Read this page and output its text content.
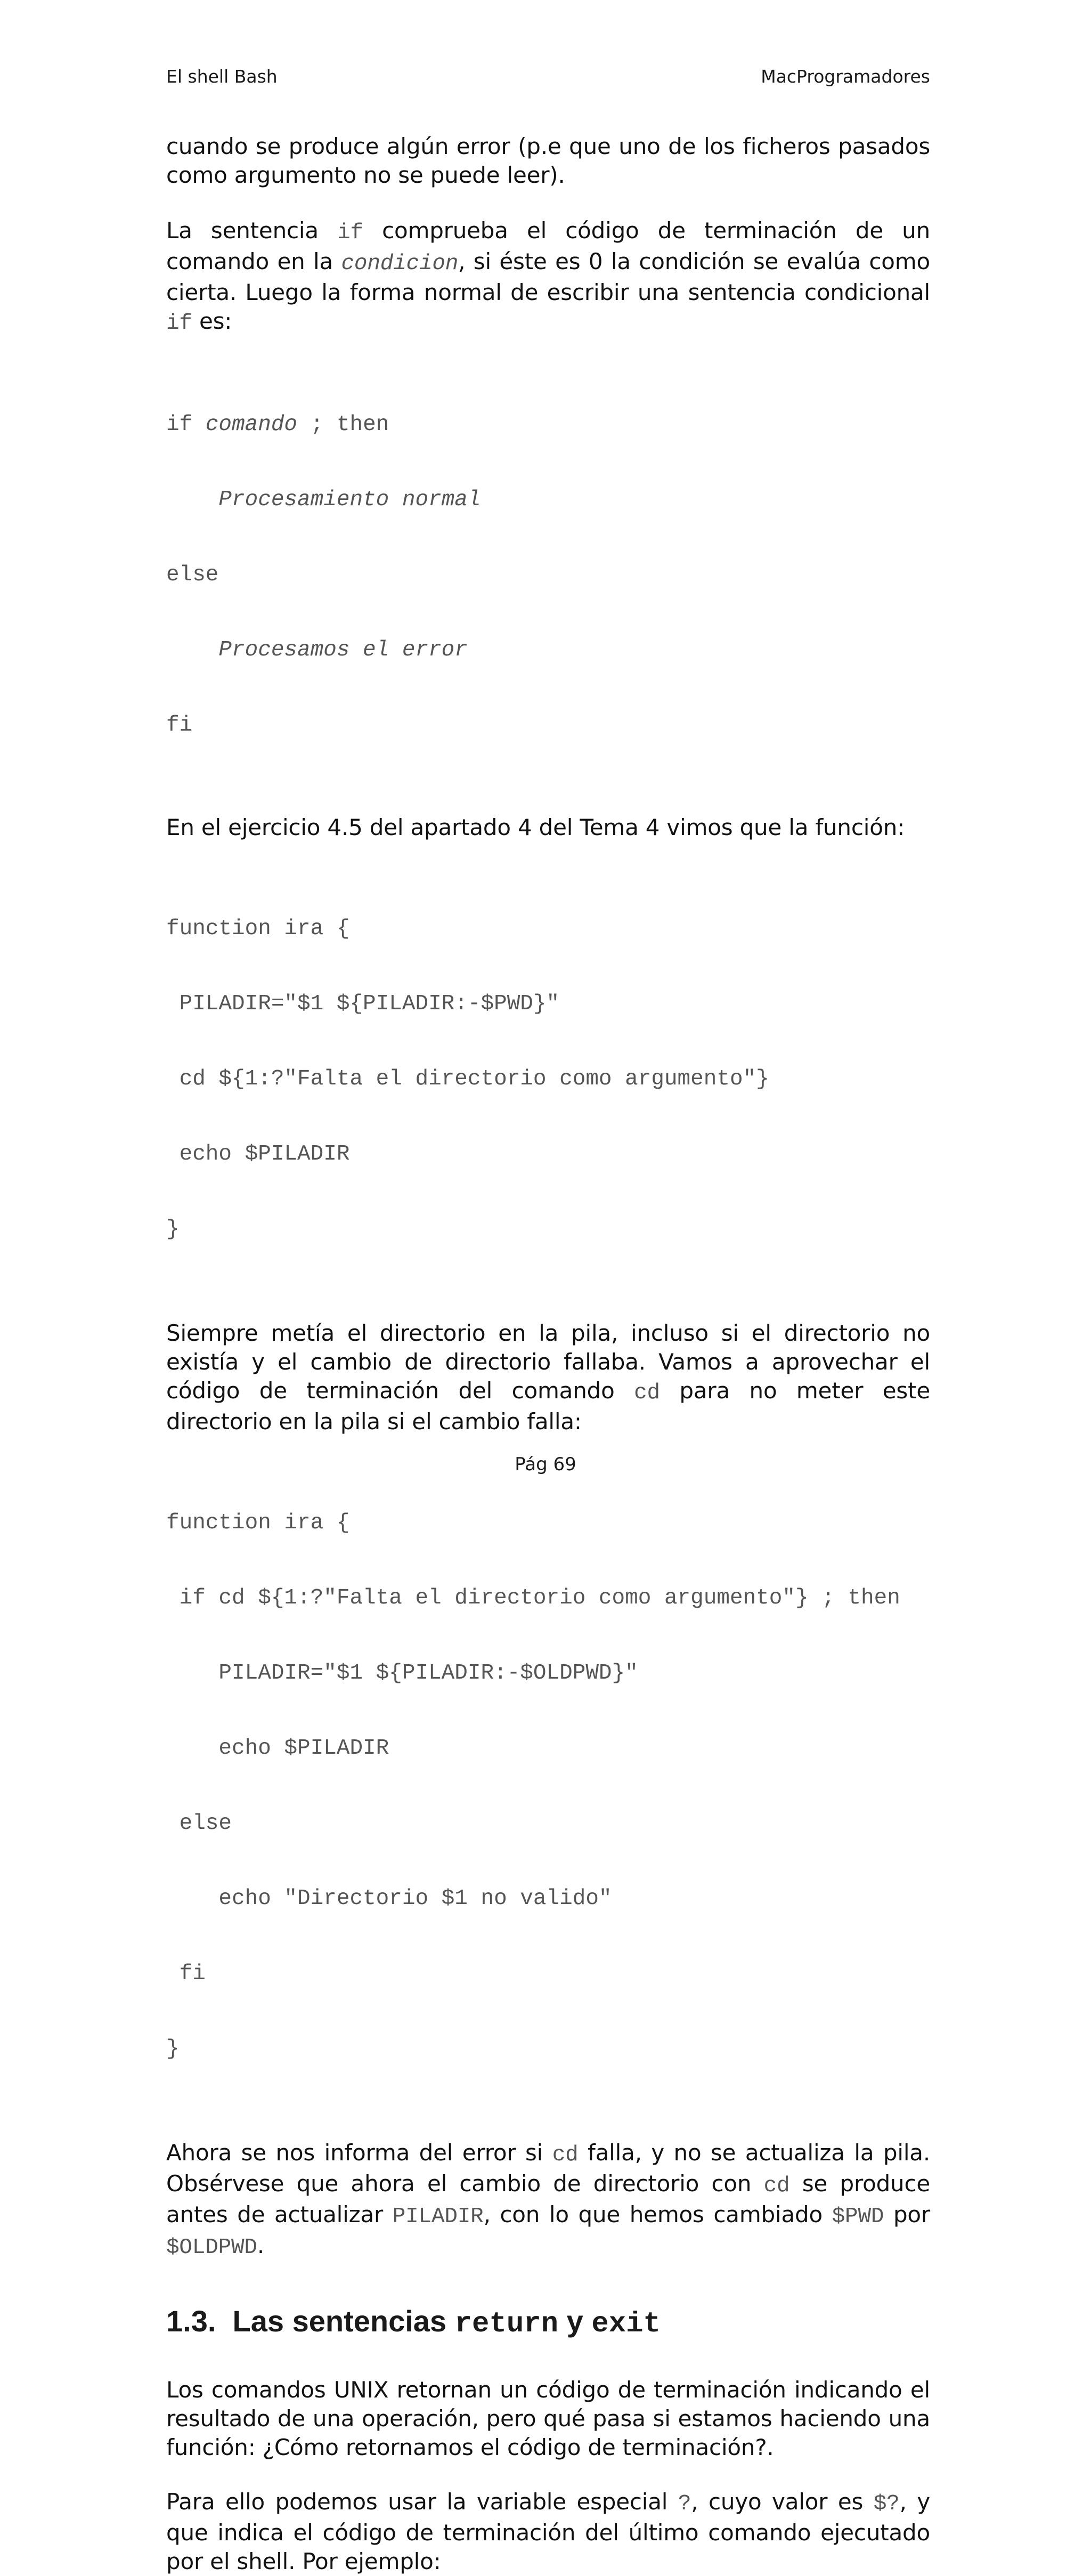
El shell Bash	MacProgramadores

cuando se produce algún error (p.e que uno de los ficheros pasados como argumento no se puede leer).

La sentencia if comprueba el código de terminación de un comando en la condicion, si éste es 0 la condición se evalúa como cierta. Luego la forma normal de escribir una sentencia condicional if es:

if comando ; then

Procesamiento normal

else

Procesamos el error

fi

En el ejercicio 4.5 del apartado 4 del Tema 4 vimos que la función:

function ira {

PILADIR="$1 ${PILADIR:-$PWD}"

cd ${1:?"Falta el directorio como argumento"}

echo $PILADIR

}

Siempre metía el directorio en la pila, incluso si el directorio no existía y el cambio de directorio fallaba. Vamos a aprovechar el código de terminación del comando cd para no meter este directorio en la pila si el cambio falla:

function ira {

if cd ${1:?"Falta el directorio como argumento"} ; then

PILADIR="$1 ${PILADIR:-$OLDPWD}"

echo $PILADIR

else

echo "Directorio $1 no valido"

fi

}

Ahora se nos informa del error si cd falla, y no se actualiza la pila. Obsérvese que ahora el cambio de directorio con cd se produce antes de actualizar PILADIR, con lo que hemos cambiado $PWD por $OLDPWD.

1.3. Las sentencias return y exit

Los comandos UNIX retornan un código de terminación indicando el resultado de una operación, pero qué pasa si estamos haciendo una función: ¿Cómo retornamos el código de terminación?.

Para ello podemos usar la variable especial ?, cuyo valor es $?, y que indica el código de terminación del último comando ejecutado por el shell. Por ejemplo:

Pág 69
